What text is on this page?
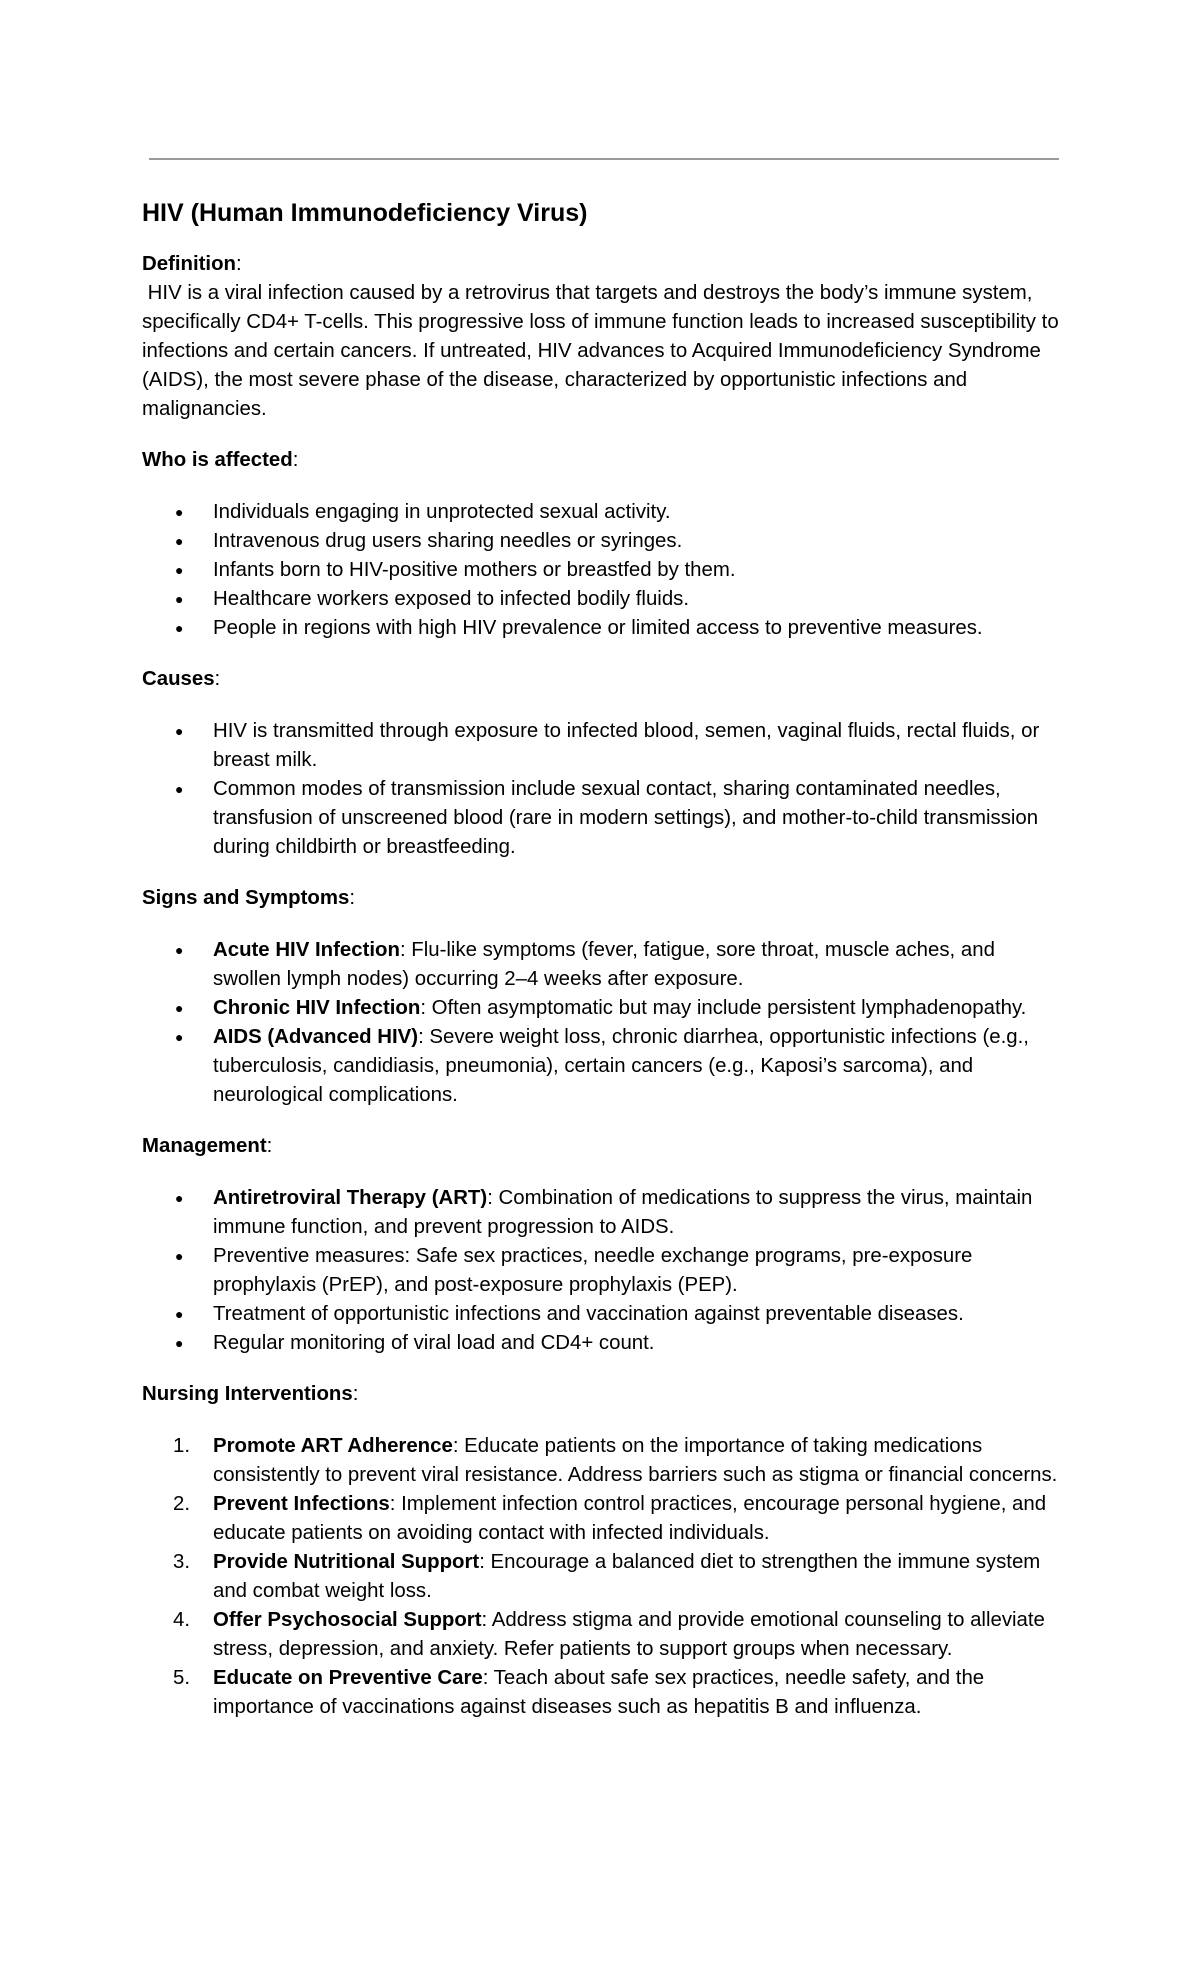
HIV (Human Immunodeficiency Virus)

Definition:

HIV is a viral infection caused by a retrovirus that targets and destroys the body’s immune system, specifically CD4+ T-cells. This progressive loss of immune function leads to increased susceptibility to infections and certain cancers. If untreated, HIV advances to Acquired Immunodeficiency Syndrome (AIDS), the most severe phase of the disease, characterized by opportunistic infections and malignancies.

Who is affected:

● Individuals engaging in unprotected sexual activity.
● Intravenous drug users sharing needles or syringes.
● Infants born to HIV-positive mothers or breastfed by them.
● Healthcare workers exposed to infected bodily fluids.
● People in regions with high HIV prevalence or limited access to preventive measures.

Causes:

● HIV is transmitted through exposure to infected blood, semen, vaginal fluids, rectal fluids, or breast milk.
● Common modes of transmission include sexual contact, sharing contaminated needles, transfusion of unscreened blood (rare in modern settings), and mother-to-child transmission during childbirth or breastfeeding.

Signs and Symptoms:

● Acute HIV Infection: Flu-like symptoms (fever, fatigue, sore throat, muscle aches, and swollen lymph nodes) occurring 2–4 weeks after exposure.
● Chronic HIV Infection: Often asymptomatic but may include persistent lymphadenopathy.
● AIDS (Advanced HIV): Severe weight loss, chronic diarrhea, opportunistic infections (e.g., tuberculosis, candidiasis, pneumonia), certain cancers (e.g., Kaposi’s sarcoma), and neurological complications.

Management:

● Antiretroviral Therapy (ART): Combination of medications to suppress the virus, maintain immune function, and prevent progression to AIDS.
● Preventive measures: Safe sex practices, needle exchange programs, pre-exposure prophylaxis (PrEP), and post-exposure prophylaxis (PEP).
● Treatment of opportunistic infections and vaccination against preventable diseases.
● Regular monitoring of viral load and CD4+ count.

Nursing Interventions:

1. Promote ART Adherence: Educate patients on the importance of taking medications consistently to prevent viral resistance. Address barriers such as stigma or financial concerns.
2. Prevent Infections: Implement infection control practices, encourage personal hygiene, and educate patients on avoiding contact with infected individuals.
3. Provide Nutritional Support: Encourage a balanced diet to strengthen the immune system and combat weight loss.
4. Offer Psychosocial Support: Address stigma and provide emotional counseling to alleviate stress, depression, and anxiety. Refer patients to support groups when necessary.
5. Educate on Preventive Care: Teach about safe sex practices, needle safety, and the importance of vaccinations against diseases such as hepatitis B and influenza.
